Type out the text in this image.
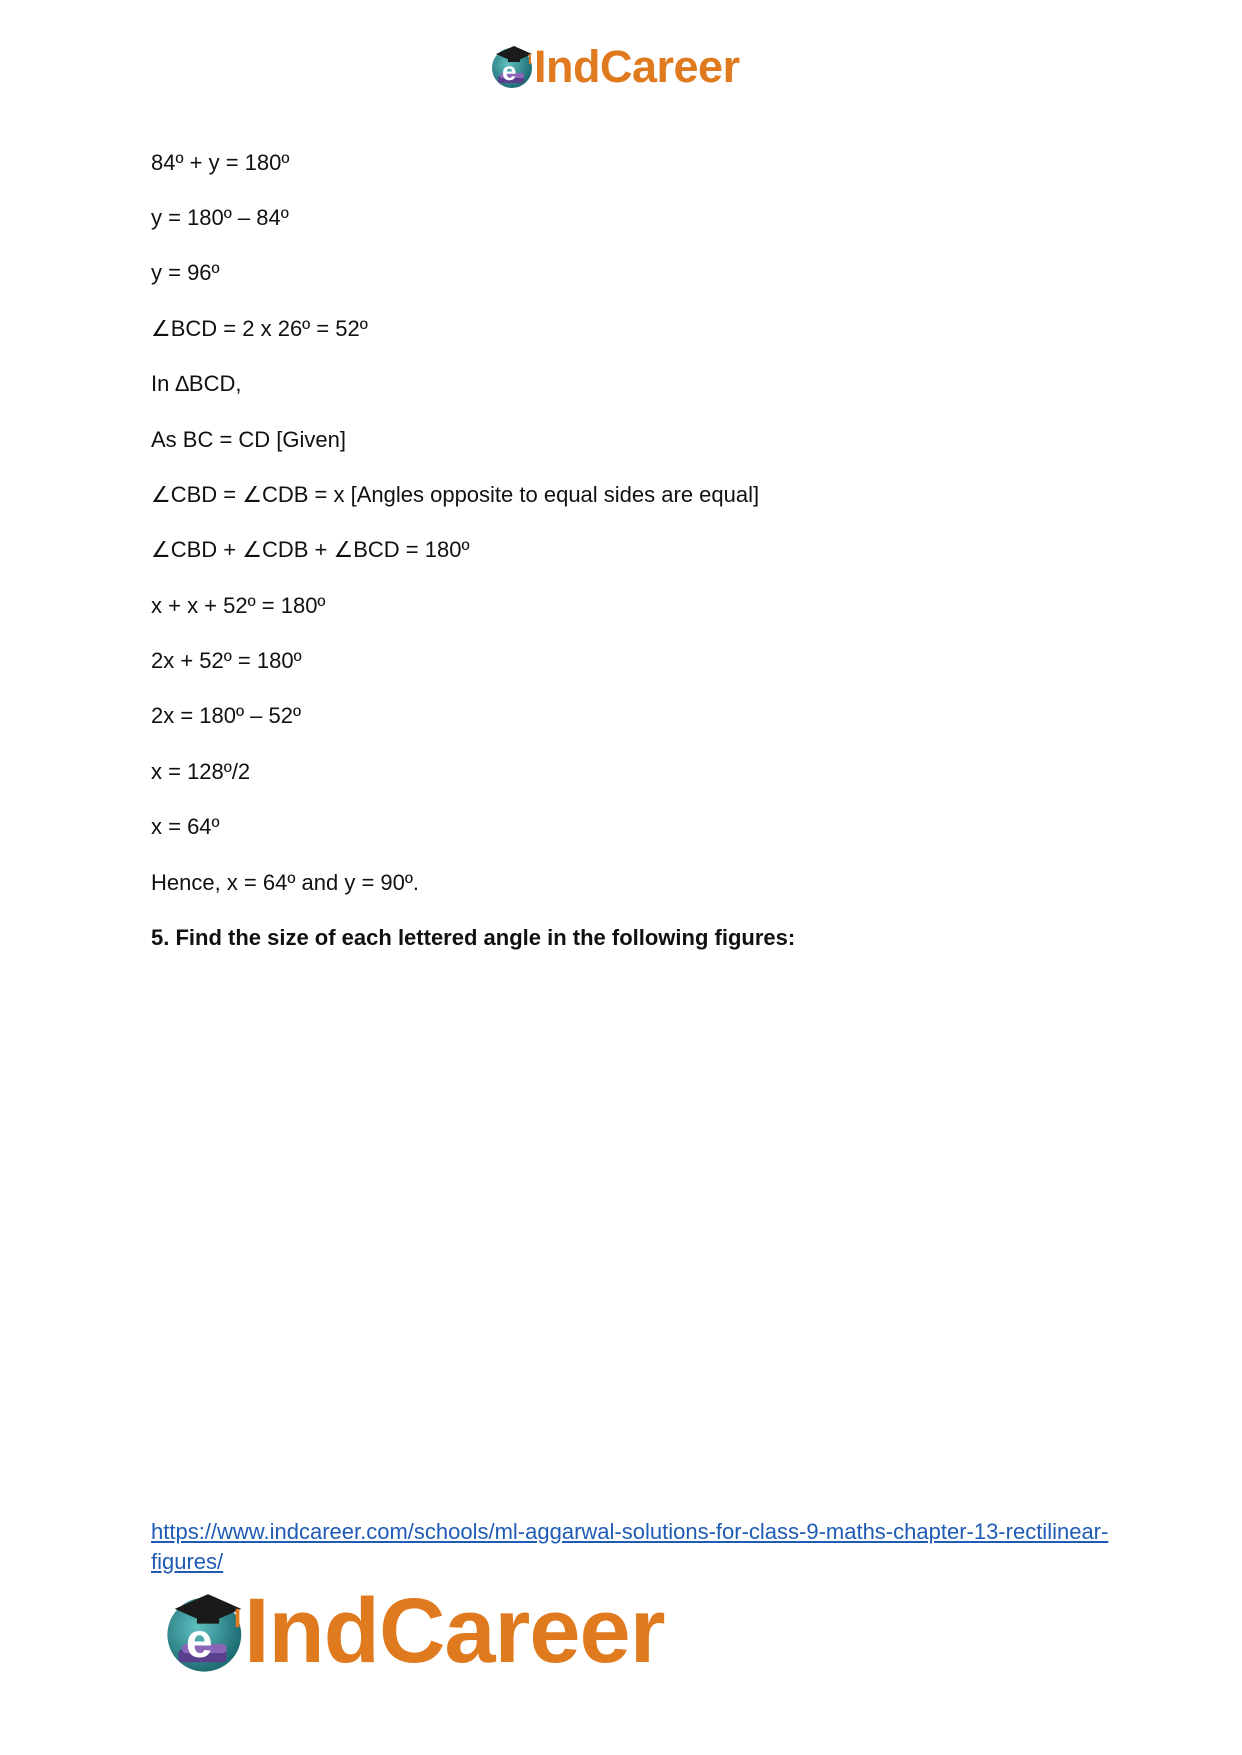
e IndCareer
84º + y = 180º
y = 180º – 84º
y = 96º
∠BCD = 2 x 26º = 52º
In ∆BCD,
As BC = CD [Given]
∠CBD = ∠CDB = x [Angles opposite to equal sides are equal]
∠CBD + ∠CDB + ∠BCD = 180º
x + x + 52º = 180º
2x + 52º = 180º
2x = 180º – 52º
x = 128º/2
x = 64º
Hence, x = 64º and y = 90º.
5. Find the size of each lettered angle in the following figures:
https://www.indcareer.com/schools/ml-aggarwal-solutions-for-class-9-maths-chapter-13-rectilinear-figures/
e IndCareer
